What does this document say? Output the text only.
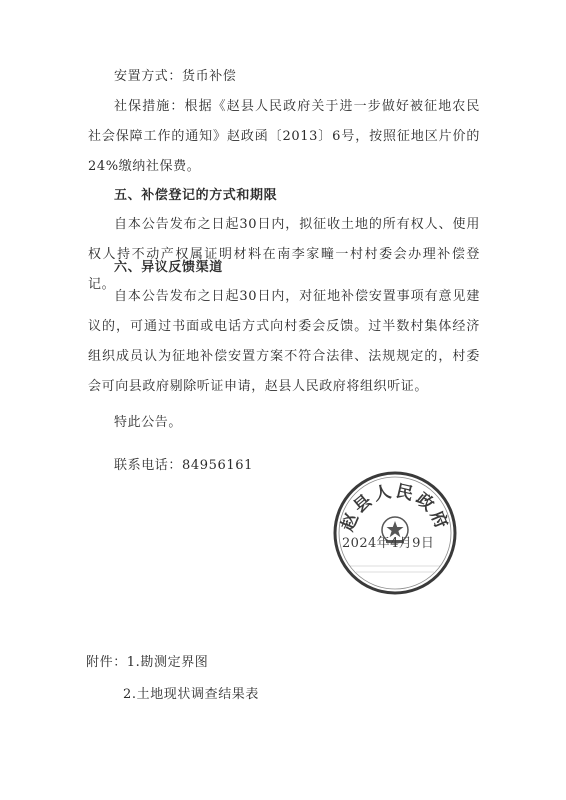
安置方式：货币补偿

社保措施：根据《赵县人民政府关于进一步做好被征地农民社会保障工作的通知》赵政函〔2013〕6号，按照征地区片价的24%缴纳社保费。

五、补偿登记的方式和期限

自本公告发布之日起30日内，拟征收土地的所有权人、使用权人持不动产权属证明材料在南李家疃一村村委会办理补偿登记。

六、异议反馈渠道

自本公告发布之日起30日内，对征地补偿安置事项有意见建议的，可通过书面或电话方式向村委会反馈。过半数村集体经济组织成员认为征地补偿安置方案不符合法律、法规规定的，村委会可向县政府剔除听证申请，赵县人民政府将组织听证。

特此公告。

联系电话：84956161

赵县人民政府
2024年4月9日

附件：1.勘测定界图

2.土地现状调查结果表
